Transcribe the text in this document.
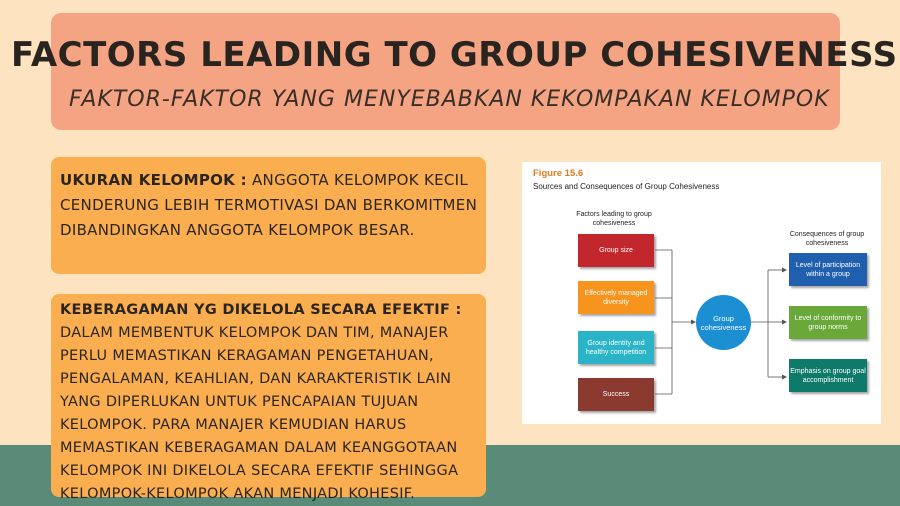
FACTORS LEADING TO GROUP COHESIVENESS
FAKTOR-FAKTOR YANG MENYEBABKAN KEKOMPAKAN KELOMPOK

UKURAN KELOMPOK : ANGGOTA KELOMPOK KECIL CENDERUNG LEBIH TERMOTIVASI DAN BERKOMITMEN DIBANDINGKAN ANGGOTA KELOMPOK BESAR.

KEBERAGAMAN YG DIKELOLA SECARA EFEKTIF :
DALAM MEMBENTUK KELOMPOK DAN TIM, MANAJER PERLU MEMASTIKAN KERAGAMAN PENGETAHUAN, PENGALAMAN, KEAHLIAN, DAN KARAKTERISTIK LAIN YANG DIPERLUKAN UNTUK PENCAPAIAN TUJUAN KELOMPOK. PARA MANAJER KEMUDIAN HARUS MEMASTIKAN KEBERAGAMAN DALAM KEANGGOTAAN KELOMPOK INI DIKELOLA SECARA EFEKTIF SEHINGGA KELOMPOK-KELOMPOK AKAN MENJADI KOHESIF.

Figure 15.6
Sources and Consequences of Group Cohesiveness
Factors leading to group cohesiveness
Consequences of group cohesiveness
Group size
Effectively managed diversity
Group identity and healthy competition
Success
Group cohesiveness
Level of participation within a group
Level of conformity to group norms
Emphasis on group goal accomplishment
